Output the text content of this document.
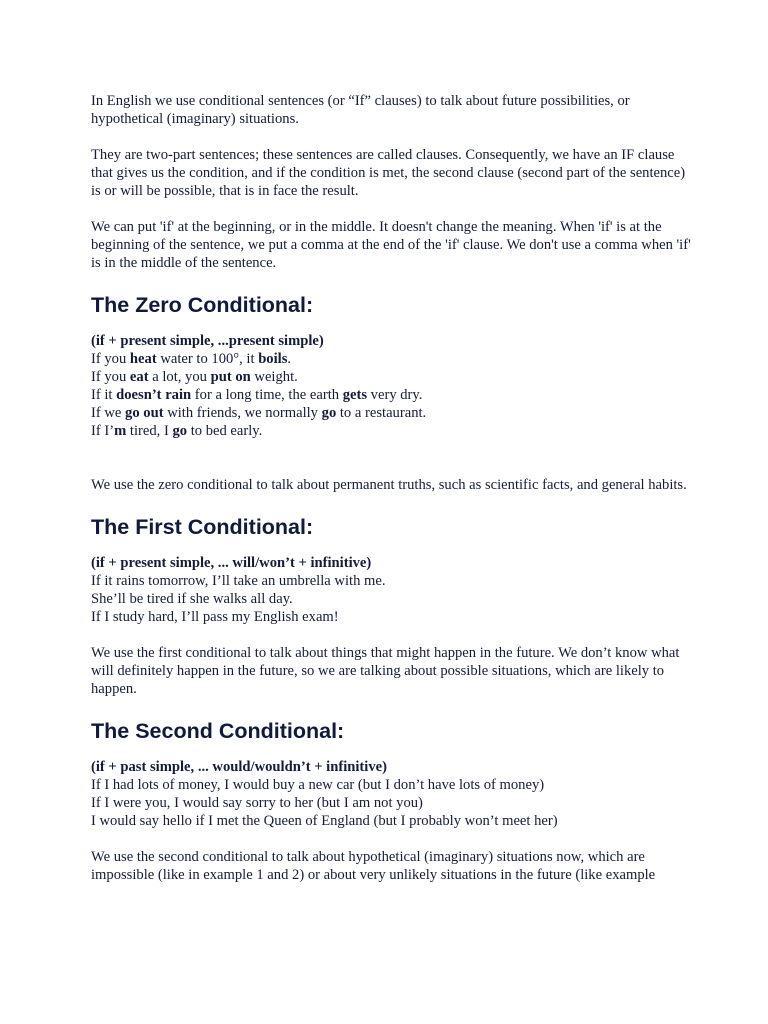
In English we use conditional sentences (or “If” clauses) to talk about future possibilities, or hypothetical (imaginary) situations.

They are two-part sentences; these sentences are called clauses. Consequently, we have an IF clause that gives us the condition, and if the condition is met, the second clause (second part of the sentence) is or will be possible, that is in face the result.

We can put 'if' at the beginning, or in the middle. It doesn't change the meaning. When 'if' is at the beginning of the sentence, we put a comma at the end of the 'if' clause. We don't use a comma when 'if' is in the middle of the sentence.

The Zero Conditional:

(if + present simple, ...present simple)

If you heat water to 100°, it boils.

If you eat a lot, you put on weight.

If it doesn’t rain for a long time, the earth gets very dry.

If we go out with friends, we normally go to a restaurant.

If I’m tired, I go to bed early.

We use the zero conditional to talk about permanent truths, such as scientific facts, and general habits.

The First Conditional:

(if + present simple, ... will/won’t + infinitive)

If it rains tomorrow, I’ll take an umbrella with me.

She’ll be tired if she walks all day.

If I study hard, I’ll pass my English exam!

We use the first conditional to talk about things that might happen in the future. We don’t know what will definitely happen in the future, so we are talking about possible situations, which are likely to happen.

The Second Conditional:

(if + past simple, ... would/wouldn’t + infinitive)

If I had lots of money, I would buy a new car (but I don’t have lots of money)

If I were you, I would say sorry to her (but I am not you)

I would say hello if I met the Queen of England (but I probably won’t meet her)

We use the second conditional to talk about hypothetical (imaginary) situations now, which are impossible (like in example 1 and 2) or about very unlikely situations in the future (like example
